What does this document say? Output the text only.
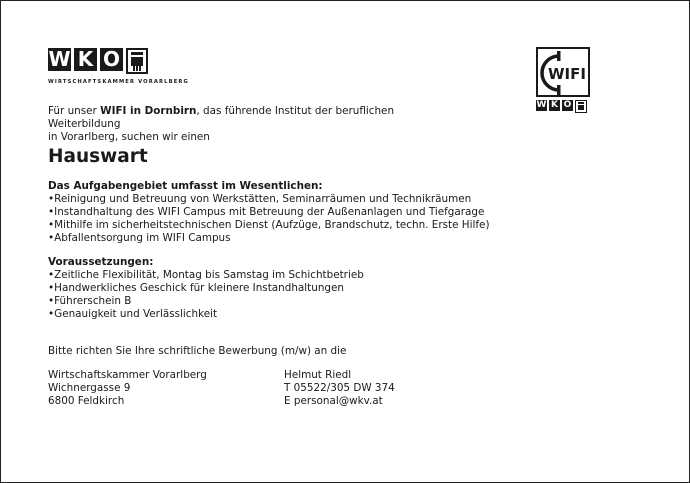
W K O
WIRTSCHAFTSKAMMER VORARLBERG	WIFI
W K O
Für unser WIFI in Dornbirn, das führende Institut der beruflichen Weiterbildung
in Vorarlberg, suchen wir einen
Hauswart
Das Aufgabengebiet umfasst im Wesentlichen:
• Reinigung und Betreuung von Werkstätten, Seminarräumen und Technikräumen
• Instandhaltung des WIFI Campus mit Betreuung der Außenanlagen und Tiefgarage
• Mithilfe im sicherheitstechnischen Dienst (Aufzüge, Brandschutz, techn. Erste Hilfe)
• Abfallentsorgung im WIFI Campus
Voraussetzungen:
• Zeitliche Flexibilität, Montag bis Samstag im Schichtbetrieb
• Handwerkliches Geschick für kleinere Instandhaltungen
• Führerschein B
• Genauigkeit und Verlässlichkeit
Bitte richten Sie Ihre schriftliche Bewerbung (m/w) an die
Wirtschaftskammer Vorarlberg
Wichnergasse 9
6800 Feldkirch
Helmut Riedl
T 05522/305 DW 374
E personal@wkv.at
